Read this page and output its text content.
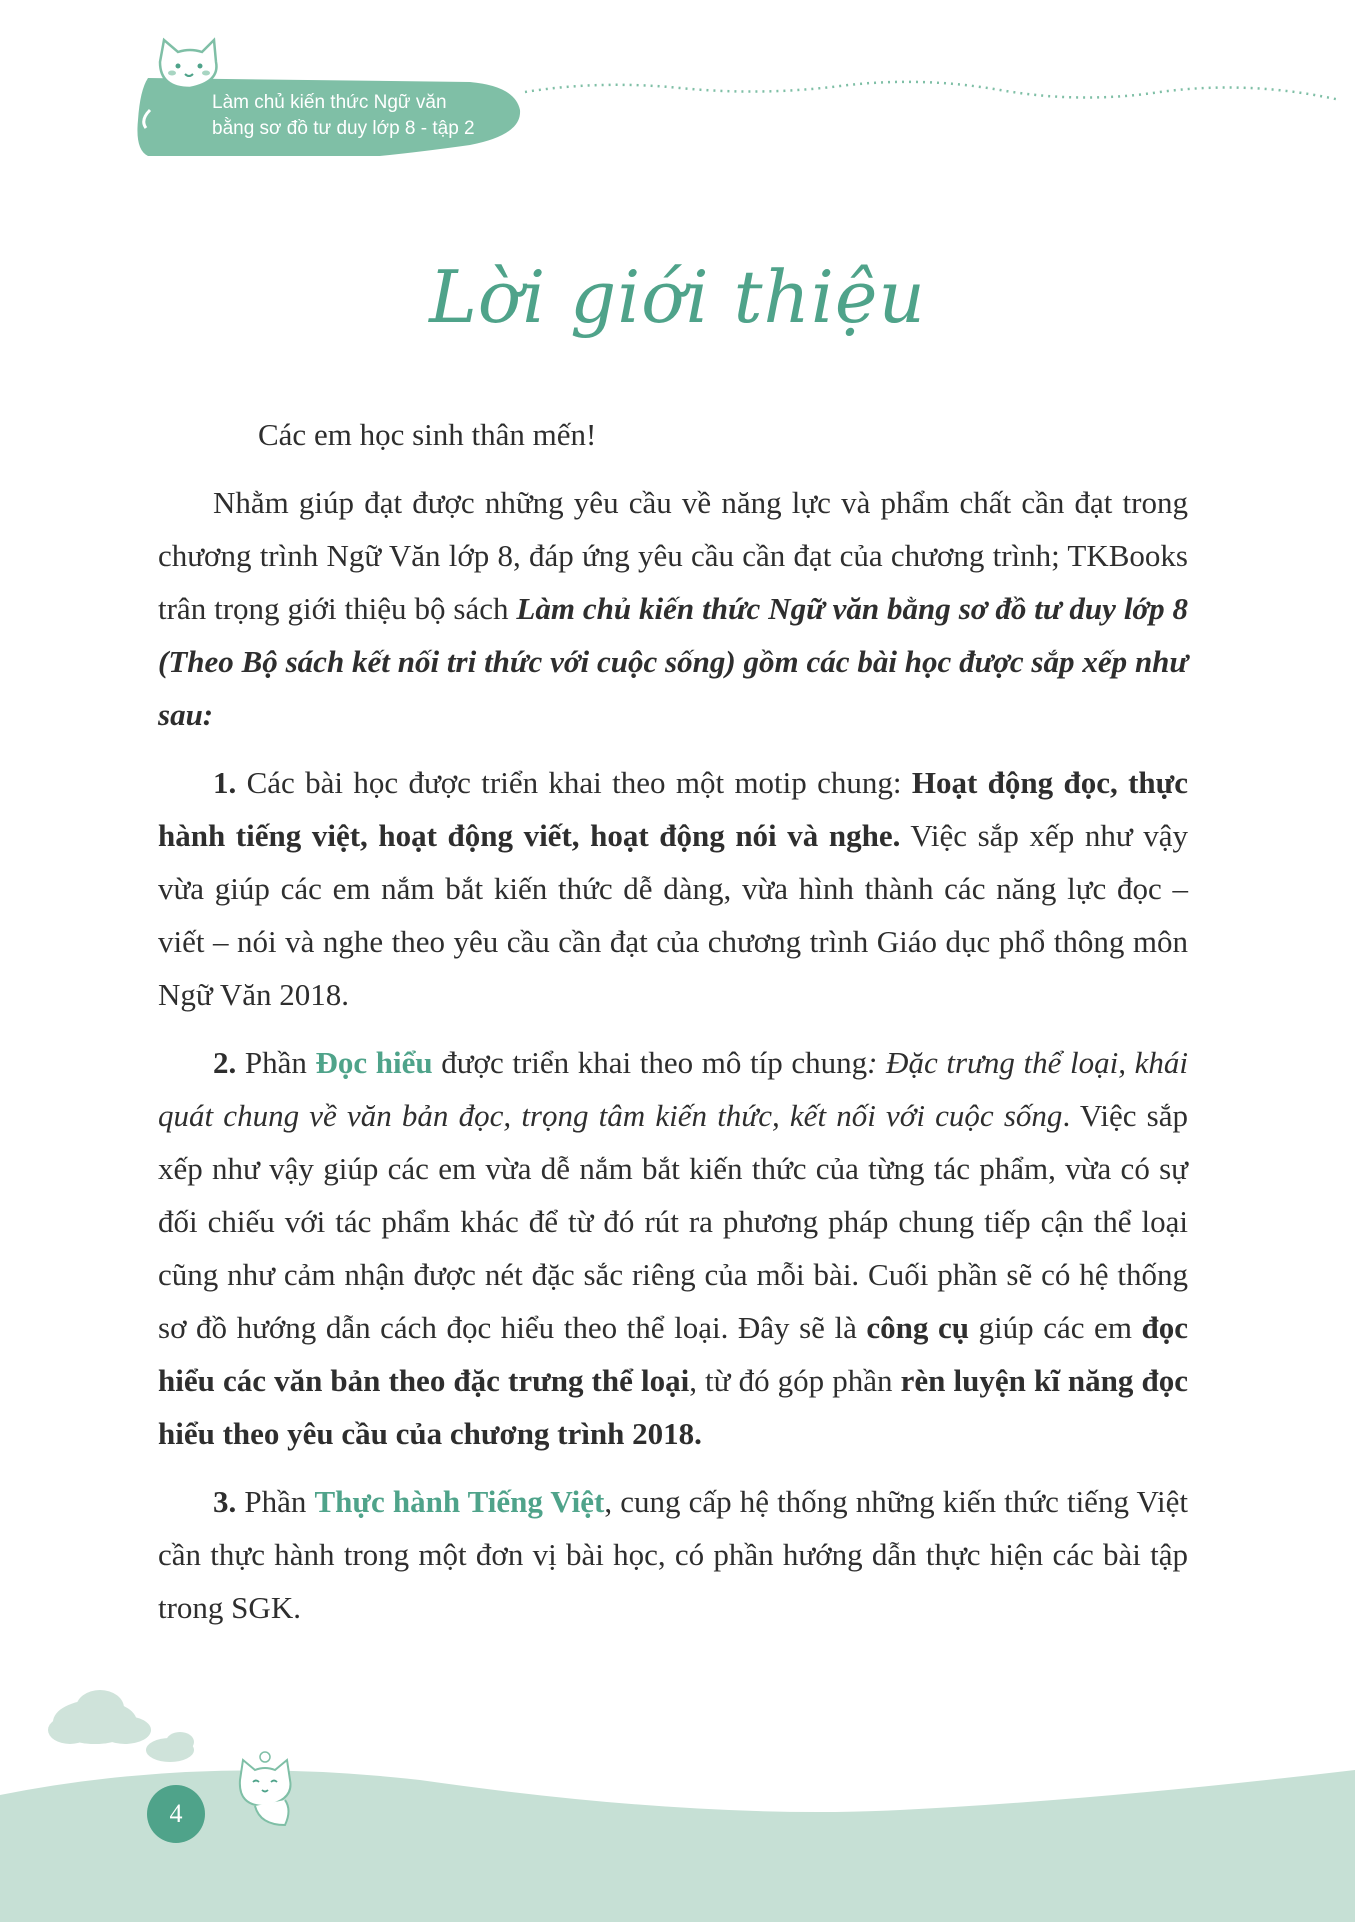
Làm chủ kiến thức Ngữ văn
bằng sơ đồ tư duy lớp 8 - tập 2
Lời giới thiệu

Các em học sinh thân mến!

Nhằm giúp đạt được những yêu cầu về năng lực và phẩm chất cần đạt trong chương trình Ngữ Văn lớp 8, đáp ứng yêu cầu cần đạt của chương trình; TKBooks trân trọng giới thiệu bộ sách Làm chủ kiến thức Ngữ văn bằng sơ đồ tư duy lớp 8 (Theo Bộ sách kết nối tri thức với cuộc sống) gồm các bài học được sắp xếp như sau:

1. Các bài học được triển khai theo một motip chung: Hoạt động đọc, thực hành tiếng việt, hoạt động viết, hoạt động nói và nghe. Việc sắp xếp như vậy vừa giúp các em nắm bắt kiến thức dễ dàng, vừa hình thành các năng lực đọc – viết – nói và nghe theo yêu cầu cần đạt của chương trình Giáo dục phổ thông môn Ngữ Văn 2018.

2. Phần Đọc hiểu được triển khai theo mô típ chung: Đặc trưng thể loại, khái quát chung về văn bản đọc, trọng tâm kiến thức, kết nối với cuộc sống. Việc sắp xếp như vậy giúp các em vừa dễ nắm bắt kiến thức của từng tác phẩm, vừa có sự đối chiếu với tác phẩm khác để từ đó rút ra phương pháp chung tiếp cận thể loại cũng như cảm nhận được nét đặc sắc riêng của mỗi bài. Cuối phần sẽ có hệ thống sơ đồ hướng dẫn cách đọc hiểu theo thể loại. Đây sẽ là công cụ giúp các em đọc hiểu các văn bản theo đặc trưng thể loại, từ đó góp phần rèn luyện kĩ năng đọc hiểu theo yêu cầu của chương trình 2018.

3. Phần Thực hành Tiếng Việt, cung cấp hệ thống những kiến thức tiếng Việt cần thực hành trong một đơn vị bài học, có phần hướng dẫn thực hiện các bài tập trong SGK.

4
